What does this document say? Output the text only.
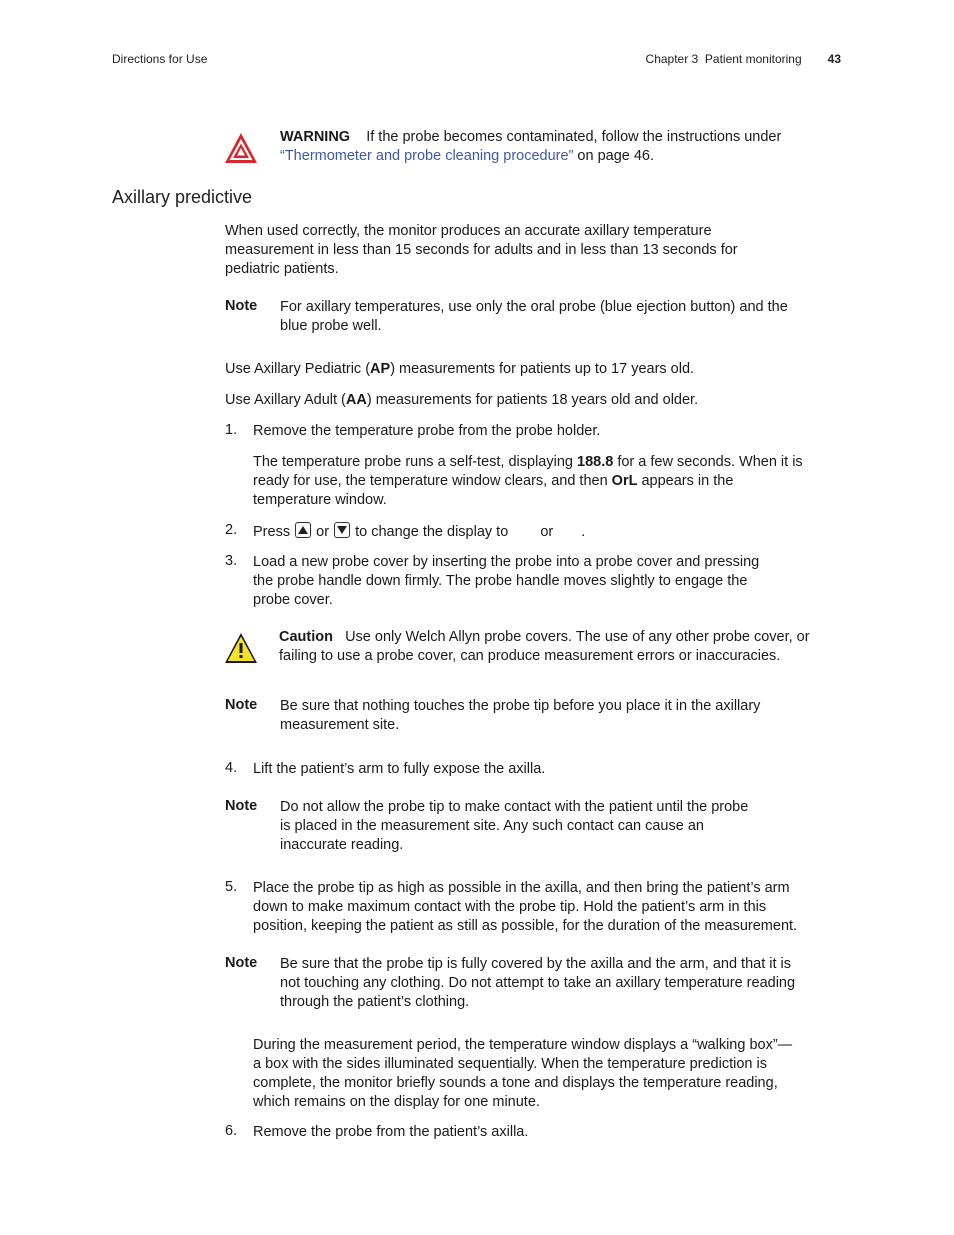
Directions for Use	Chapter 3 Patient monitoring 43
WARNING If the probe becomes contaminated, follow the instructions under
“Thermometer and probe cleaning procedure” on page 46.
Axillary predictive
When used correctly, the monitor produces an accurate axillary temperature
measurement in less than 15 seconds for adults and in less than 13 seconds for
pediatric patients.
Note For axillary temperatures, use only the oral probe (blue ejection button) and the
blue probe well.
Use Axillary Pediatric (AP) measurements for patients up to 17 years old.
Use Axillary Adult (AA) measurements for patients 18 years old and older.
1. Remove the temperature probe from the probe holder.
The temperature probe runs a self-test, displaying 188.8 for a few seconds. When it is
ready for use, the temperature window clears, and then OrL appears in the
temperature window.
2. Press or to change the display to or .
3. Load a new probe cover by inserting the probe into a probe cover and pressing
the probe handle down firmly. The probe handle moves slightly to engage the
probe cover.
Caution Use only Welch Allyn probe covers. The use of any other probe cover, or
failing to use a probe cover, can produce measurement errors or inaccuracies.
Note Be sure that nothing touches the probe tip before you place it in the axillary
measurement site.
4. Lift the patient’s arm to fully expose the axilla.
Note Do not allow the probe tip to make contact with the patient until the probe
is placed in the measurement site. Any such contact can cause an
inaccurate reading.
5. Place the probe tip as high as possible in the axilla, and then bring the patient’s arm
down to make maximum contact with the probe tip. Hold the patient’s arm in this
position, keeping the patient as still as possible, for the duration of the measurement.
Note Be sure that the probe tip is fully covered by the axilla and the arm, and that it is
not touching any clothing. Do not attempt to take an axillary temperature reading
through the patient’s clothing.
During the measurement period, the temperature window displays a “walking box”—
a box with the sides illuminated sequentially. When the temperature prediction is
complete, the monitor briefly sounds a tone and displays the temperature reading,
which remains on the display for one minute.
6. Remove the probe from the patient’s axilla.
